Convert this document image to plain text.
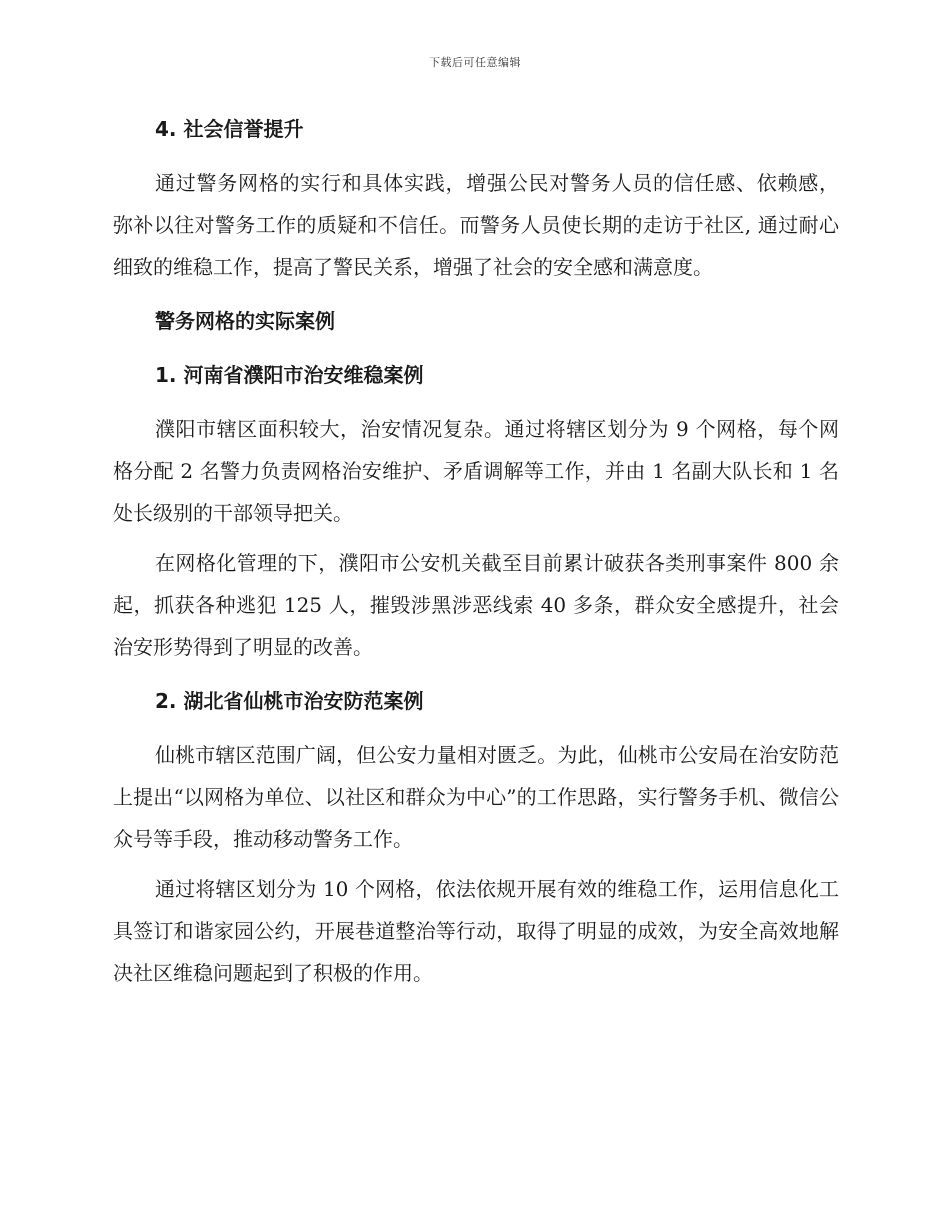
下载后可任意编辑
4. 社会信誉提升
通过警务网格的实行和具体实践，增强公民对警务人员的信任感、依赖感， 弥补以往对警务工作的质疑和不信任。而警务人员使长期的走访于社区, 通过耐心细致的维稳工作，提高了警民关系，增强了社会的安全感和满意度。
警务网格的实际案例
1. 河南省濮阳市治安维稳案例
濮阳市辖区面积较大，治安情况复杂。通过将辖区划分为 9 个网格，每个网格分配 2 名警力负责网格治安维护、矛盾调解等工作，并由 1 名副大队长和 1 名处长级别的干部领导把关。
在网格化管理的下，濮阳市公安机关截至目前累计破获各类刑事案件 800 余起，抓获各种逃犯 125 人，摧毁涉黑涉恶线索 40 多条，群众安全感提升，社会治安形势得到了明显的改善。
2. 湖北省仙桃市治安防范案例
仙桃市辖区范围广阔，但公安力量相对匮乏。为此，仙桃市公安局在治安防范上提出“以网格为单位、以社区和群众为中心”的工作思路，实行警务手机、微信公众号等手段，推动移动警务工作。
通过将辖区划分为 10 个网格，依法依规开展有效的维稳工作，运用信息化工具签订和谐家园公约，开展巷道整治等行动，取得了明显的成效，为安全高效地解决社区维稳问题起到了积极的作用。
